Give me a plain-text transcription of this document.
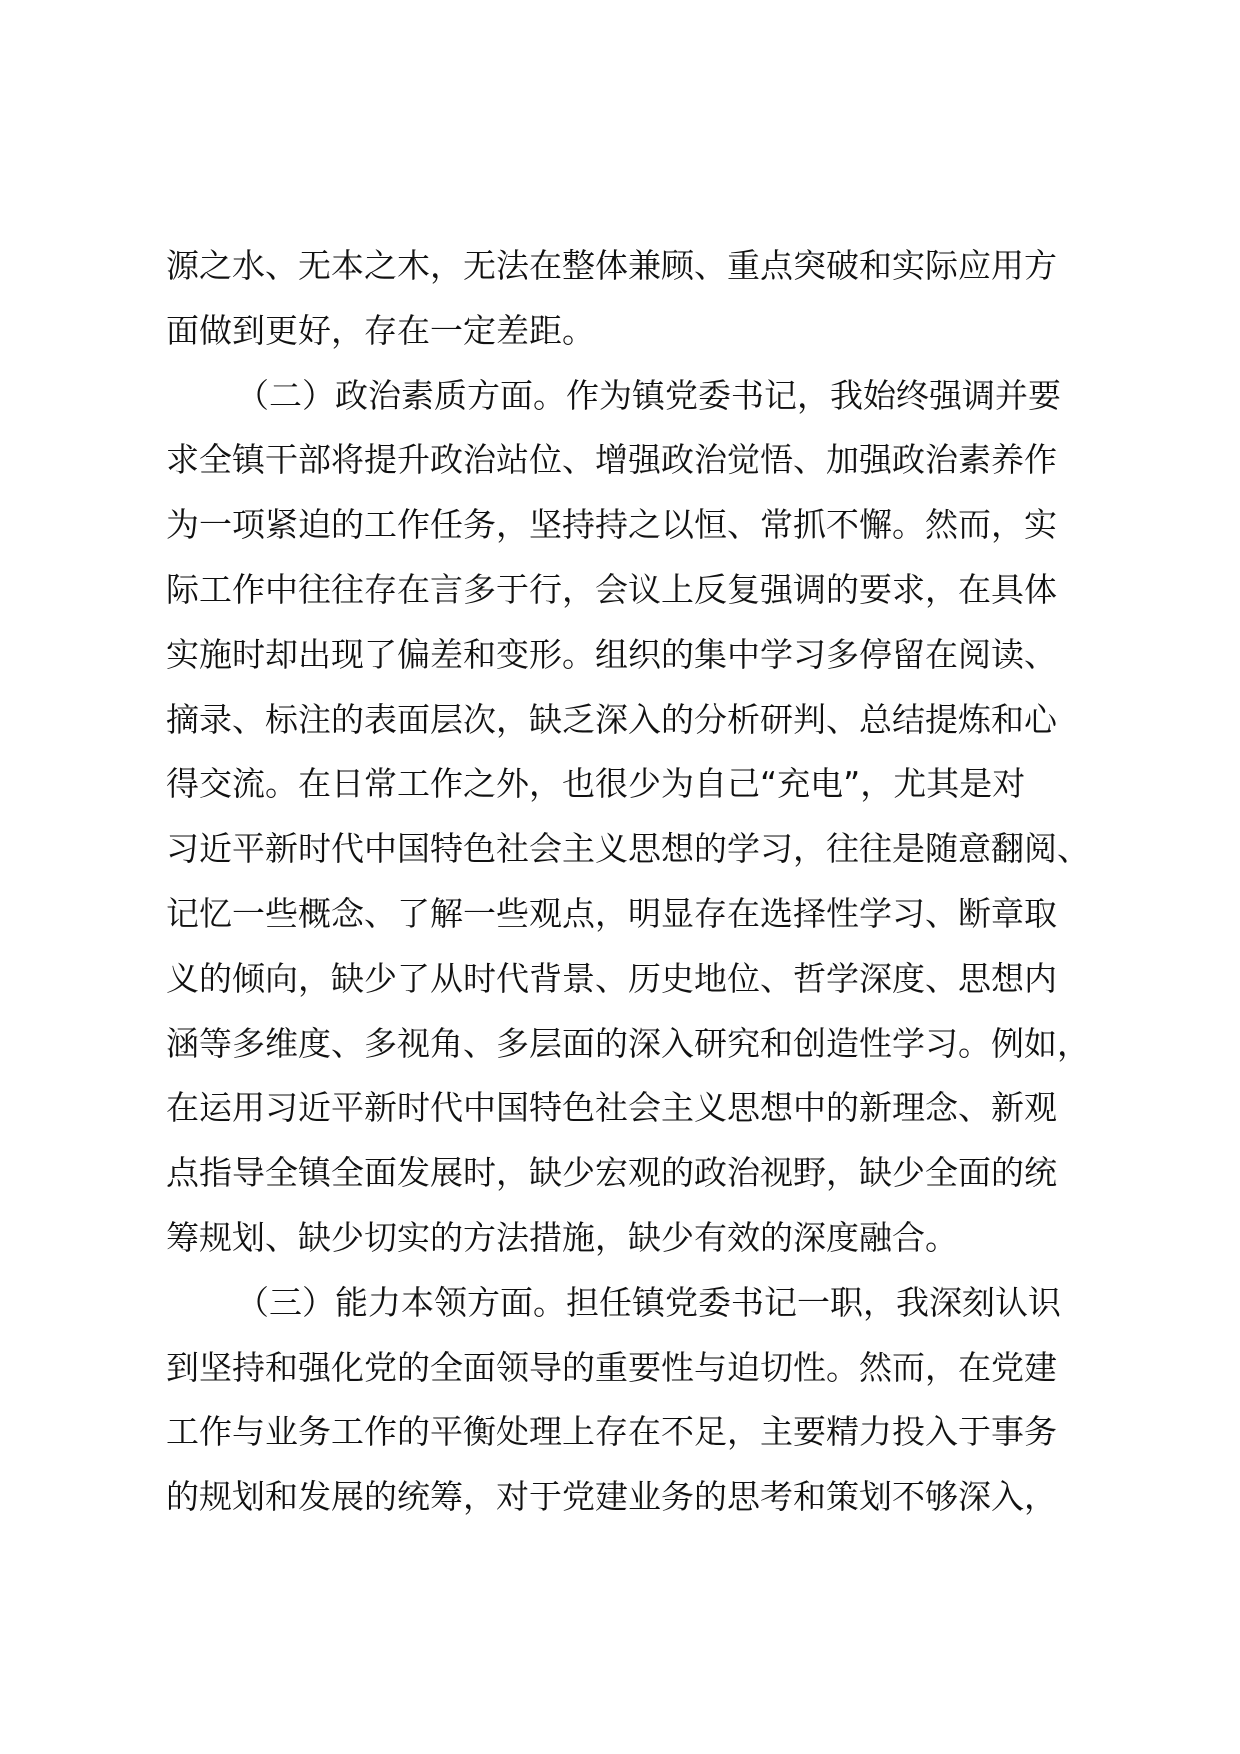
源之水、无本之木，无法在整体兼顾、重点突破和实际应用方
面做到更好，存在一定差距。
（二）政治素质方面。作为镇党委书记，我始终强调并要
求全镇干部将提升政治站位、增强政治觉悟、加强政治素养作
为一项紧迫的工作任务，坚持持之以恒、常抓不懈。然而，实
际工作中往往存在言多于行，会议上反复强调的要求，在具体
实施时却出现了偏差和变形。组织的集中学习多停留在阅读、
摘录、标注的表面层次，缺乏深入的分析研判、总结提炼和心
得交流。在日常工作之外，也很少为自己“充电”，尤其是对
习近平新时代中国特色社会主义思想的学习，往往是随意翻阅、
记忆一些概念、了解一些观点，明显存在选择性学习、断章取
义的倾向，缺少了从时代背景、历史地位、哲学深度、思想内
涵等多维度、多视角、多层面的深入研究和创造性学习。例如，
在运用习近平新时代中国特色社会主义思想中的新理念、新观
点指导全镇全面发展时，缺少宏观的政治视野，缺少全面的统
筹规划、缺少切实的方法措施，缺少有效的深度融合。
（三）能力本领方面。担任镇党委书记一职，我深刻认识
到坚持和强化党的全面领导的重要性与迫切性。然而，在党建
工作与业务工作的平衡处理上存在不足，主要精力投入于事务
的规划和发展的统筹，对于党建业务的思考和策划不够深入，
